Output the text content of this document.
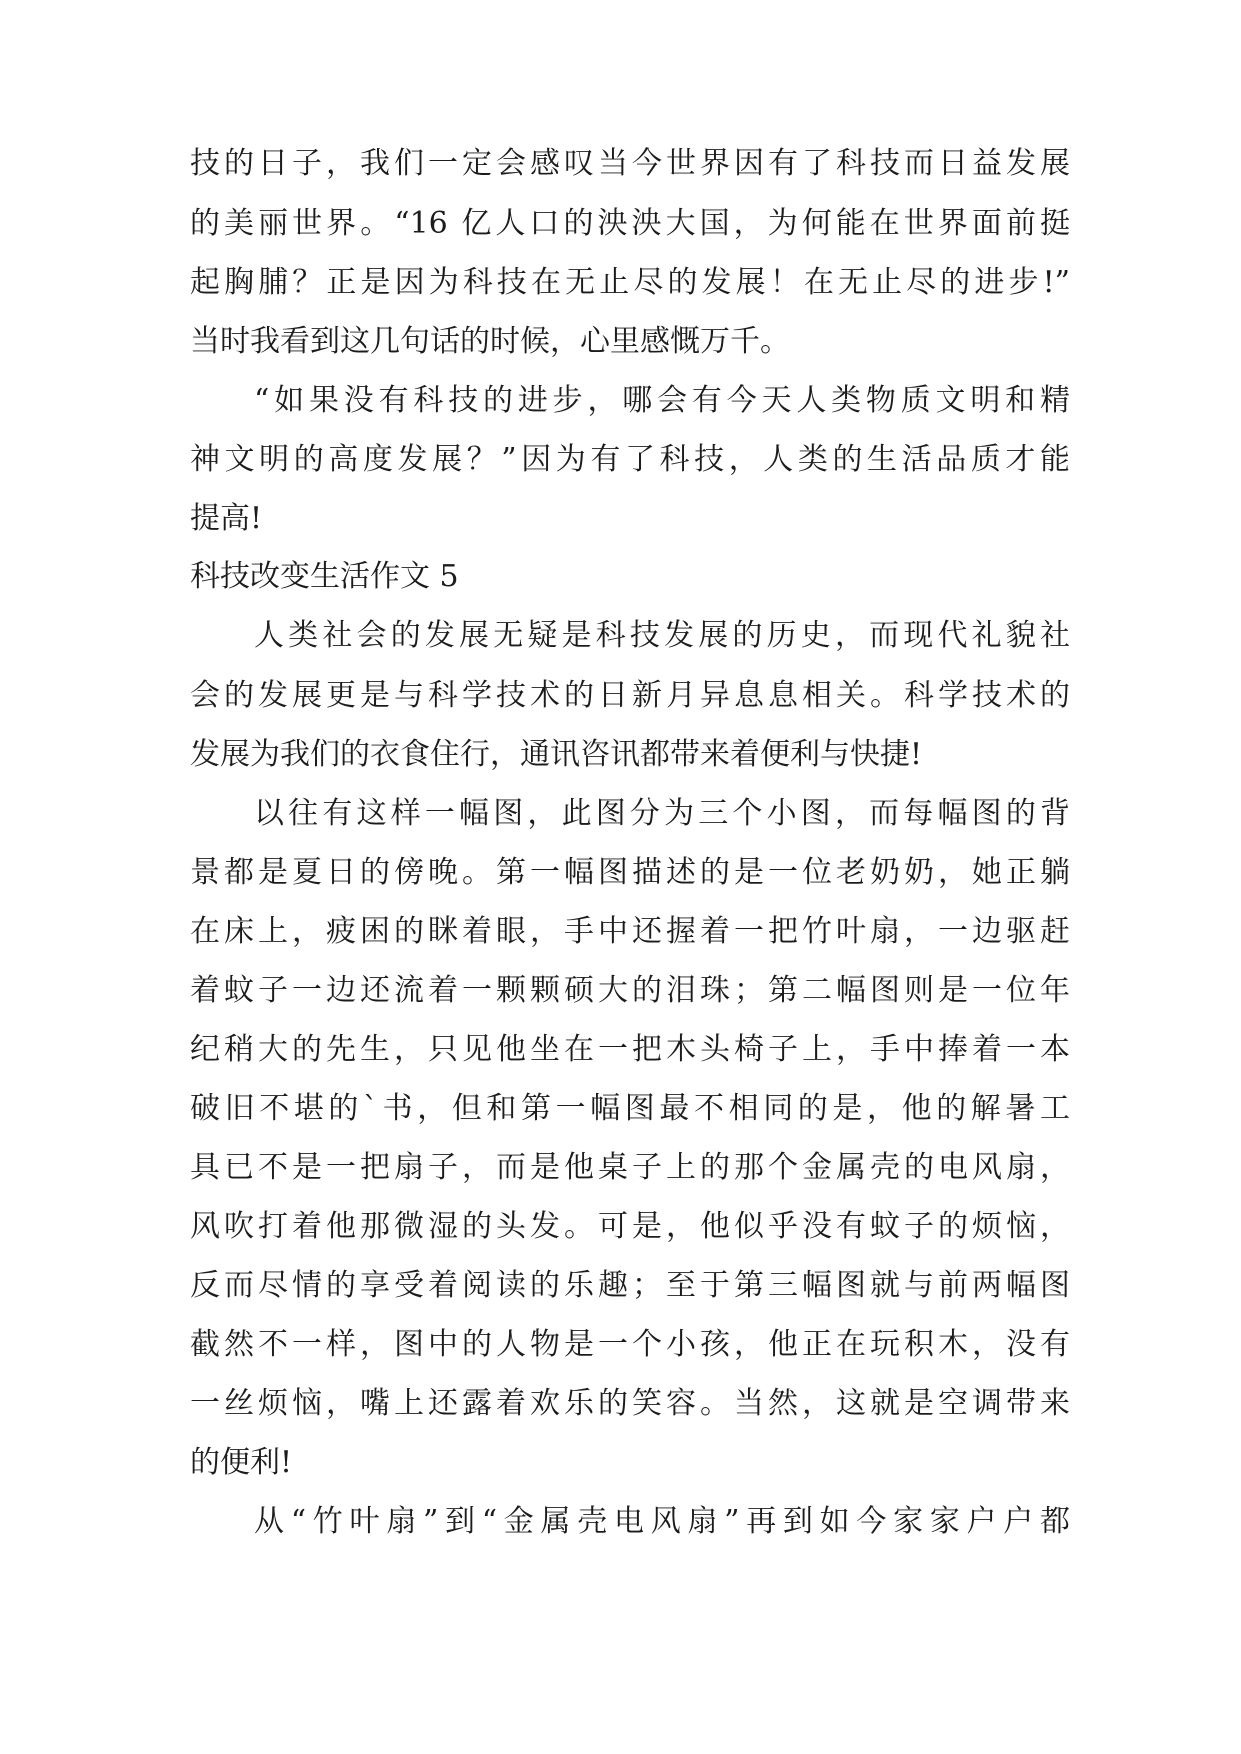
技的日子，我们一定会感叹当今世界因有了科技而日益发展
的美丽世界。“16 亿人口的泱泱大国，为何能在世界面前挺
起胸脯？正是因为科技在无止尽的发展！在无止尽的进步!”
当时我看到这几句话的时候，心里感慨万千。
“如果没有科技的进步，哪会有今天人类物质文明和精
神文明的高度发展？”因为有了科技，人类的生活品质才能
提高!
科技改变生活作文 5
人类社会的发展无疑是科技发展的历史，而现代礼貌社
会的发展更是与科学技术的日新月异息息相关。科学技术的
发展为我们的衣食住行，通讯咨讯都带来着便利与快捷!
以往有这样一幅图，此图分为三个小图，而每幅图的背
景都是夏日的傍晚。第一幅图描述的是一位老奶奶，她正躺
在床上，疲困的眯着眼，手中还握着一把竹叶扇，一边驱赶
着蚊子一边还流着一颗颗硕大的泪珠；第二幅图则是一位年
纪稍大的先生，只见他坐在一把木头椅子上，手中捧着一本
破旧不堪的`书，但和第一幅图最不相同的是，他的解暑工
具已不是一把扇子，而是他桌子上的那个金属壳的电风扇，
风吹打着他那微湿的头发。可是，他似乎没有蚊子的烦恼，
反而尽情的享受着阅读的乐趣；至于第三幅图就与前两幅图
截然不一样，图中的人物是一个小孩，他正在玩积木，没有
一丝烦恼，嘴上还露着欢乐的笑容。当然，这就是空调带来
的便利!
从“竹叶扇”到“金属壳电风扇”再到如今家家户户都
